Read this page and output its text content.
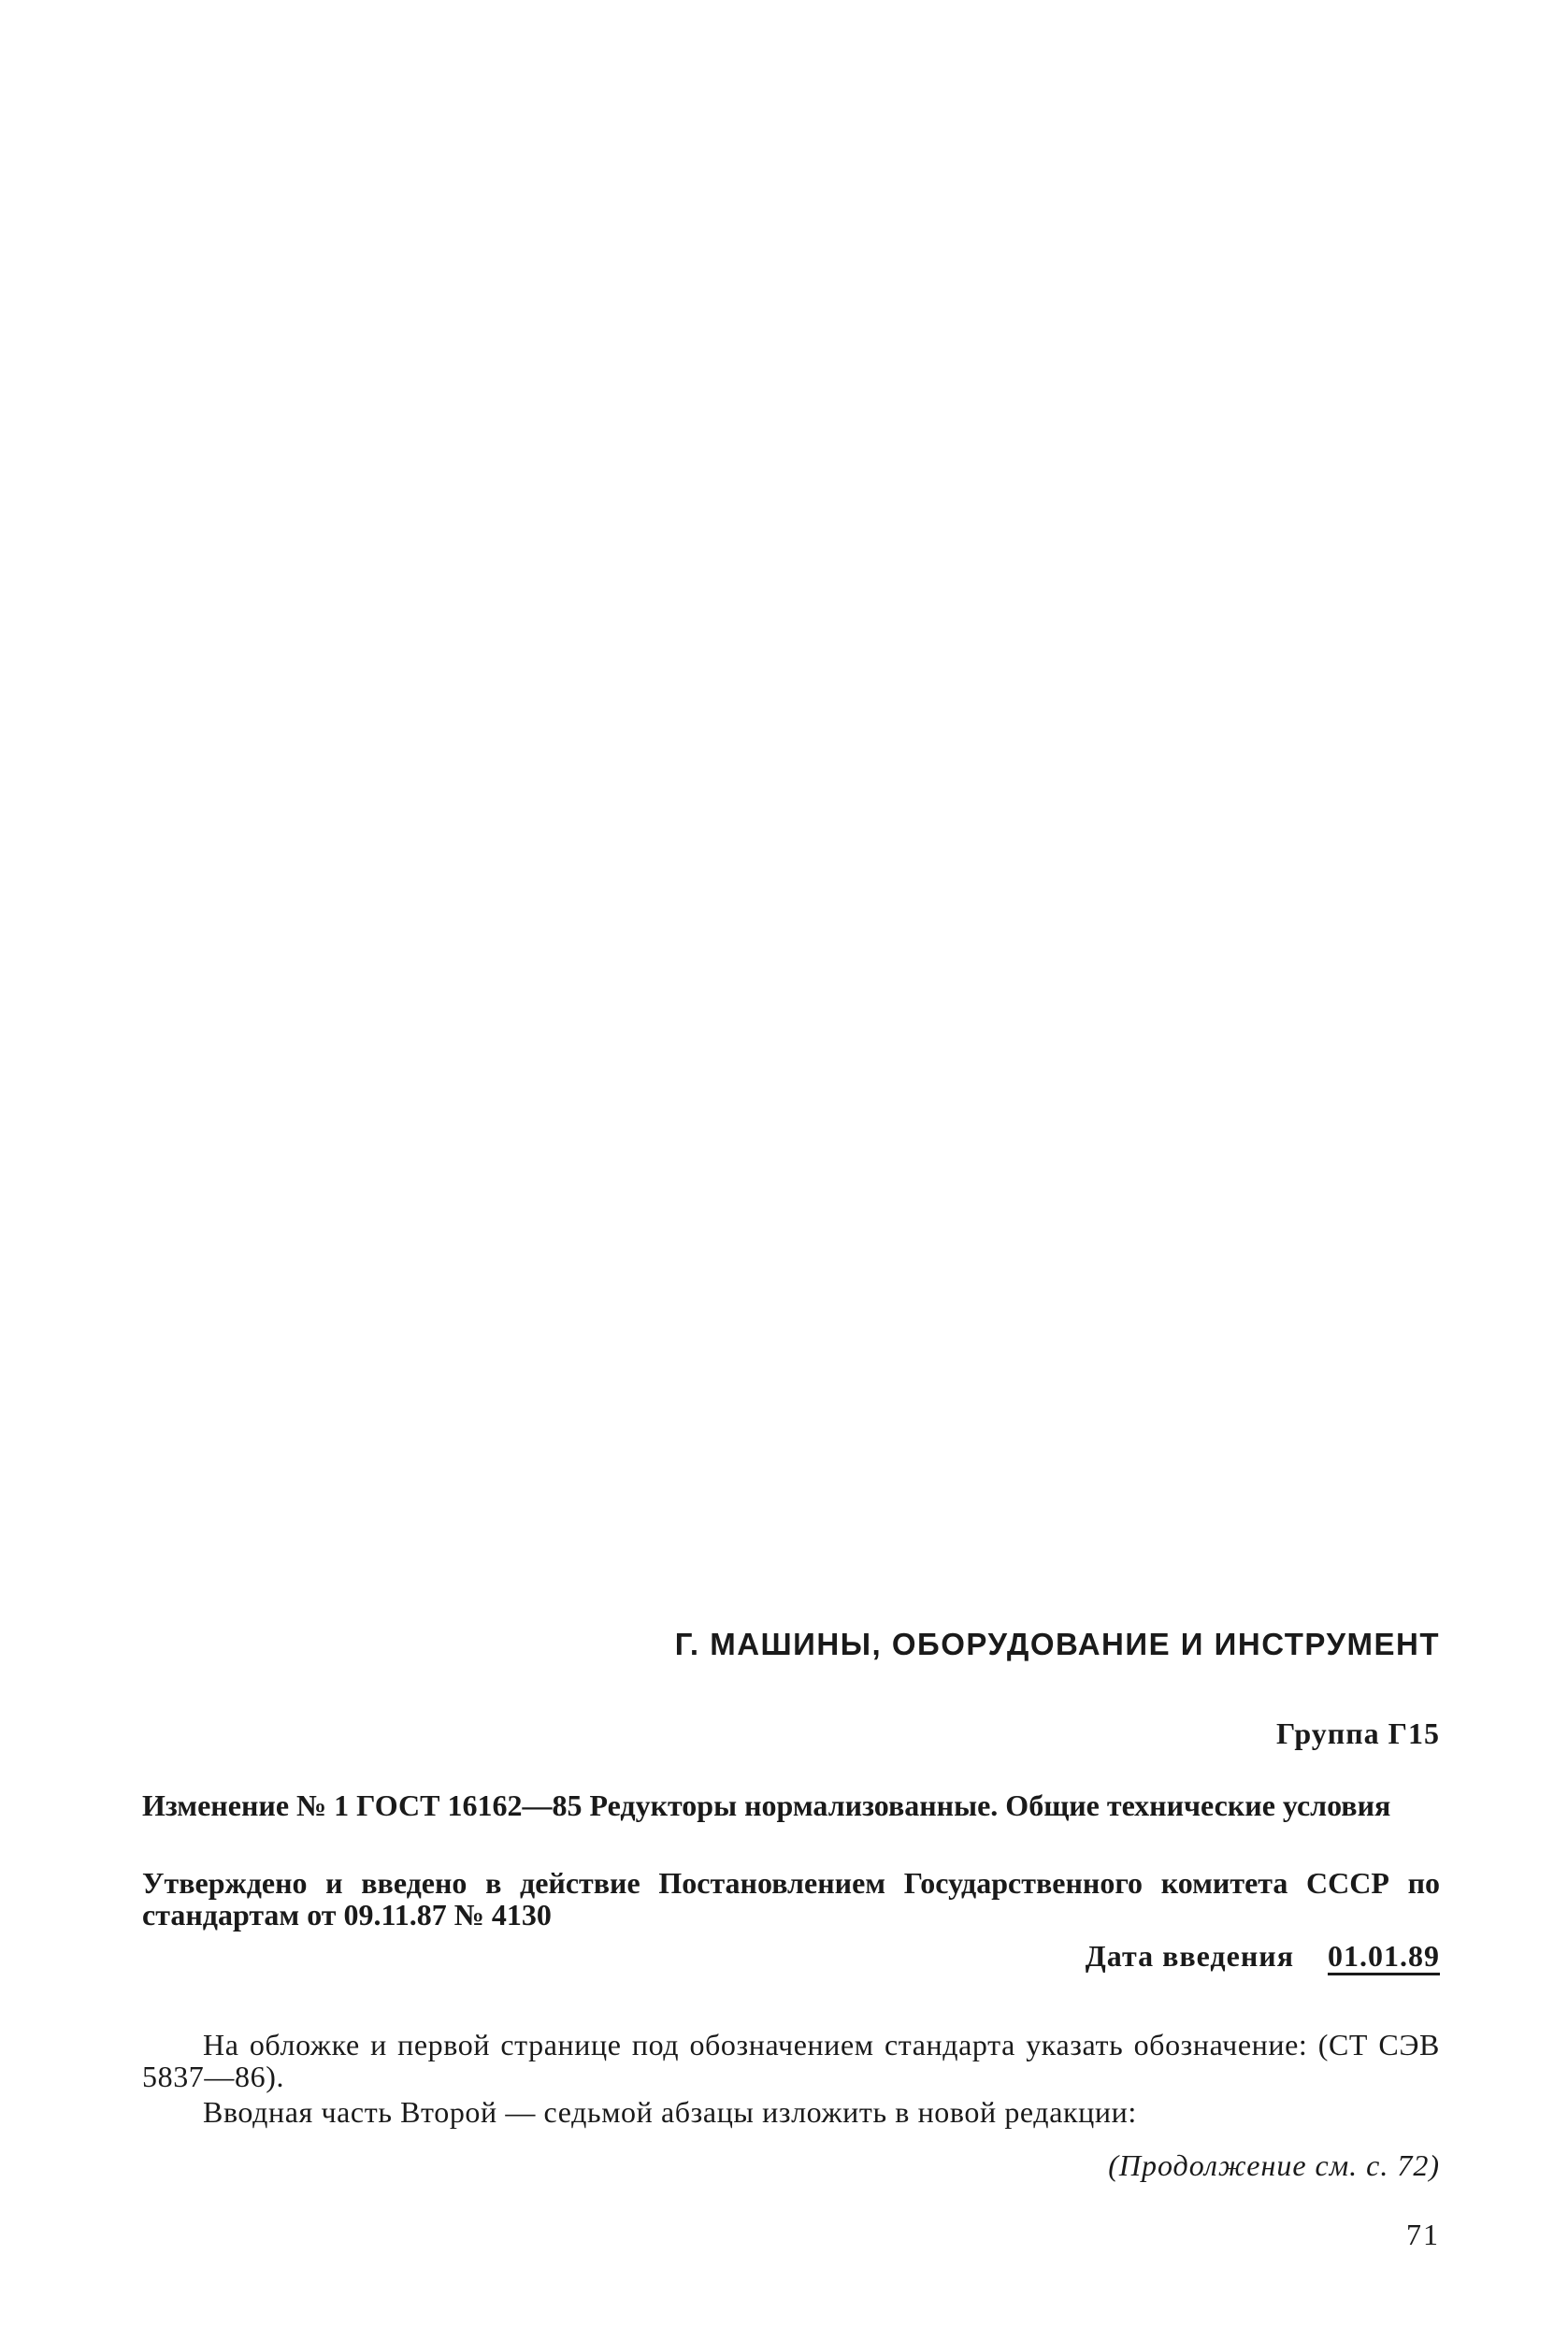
Г. МАШИНЫ, ОБОРУДОВАНИЕ И ИНСТРУМЕНТ
Группа Г15
Изменение № 1 ГОСТ 16162—85 Редукторы нормализованные. Общие технические условия
Утверждено и введено в действие Постановлением Государственного комитета СССР по стандартам от 09.11.87 № 4130
Дата введения 01.01.89

На обложке и первой странице под обозначением стандарта указать обозначение: (СТ СЭВ 5837—86).

Вводная часть Второй — седьмой абзацы изложить в новой редакции:

(Продолжение см. с. 72)
71
